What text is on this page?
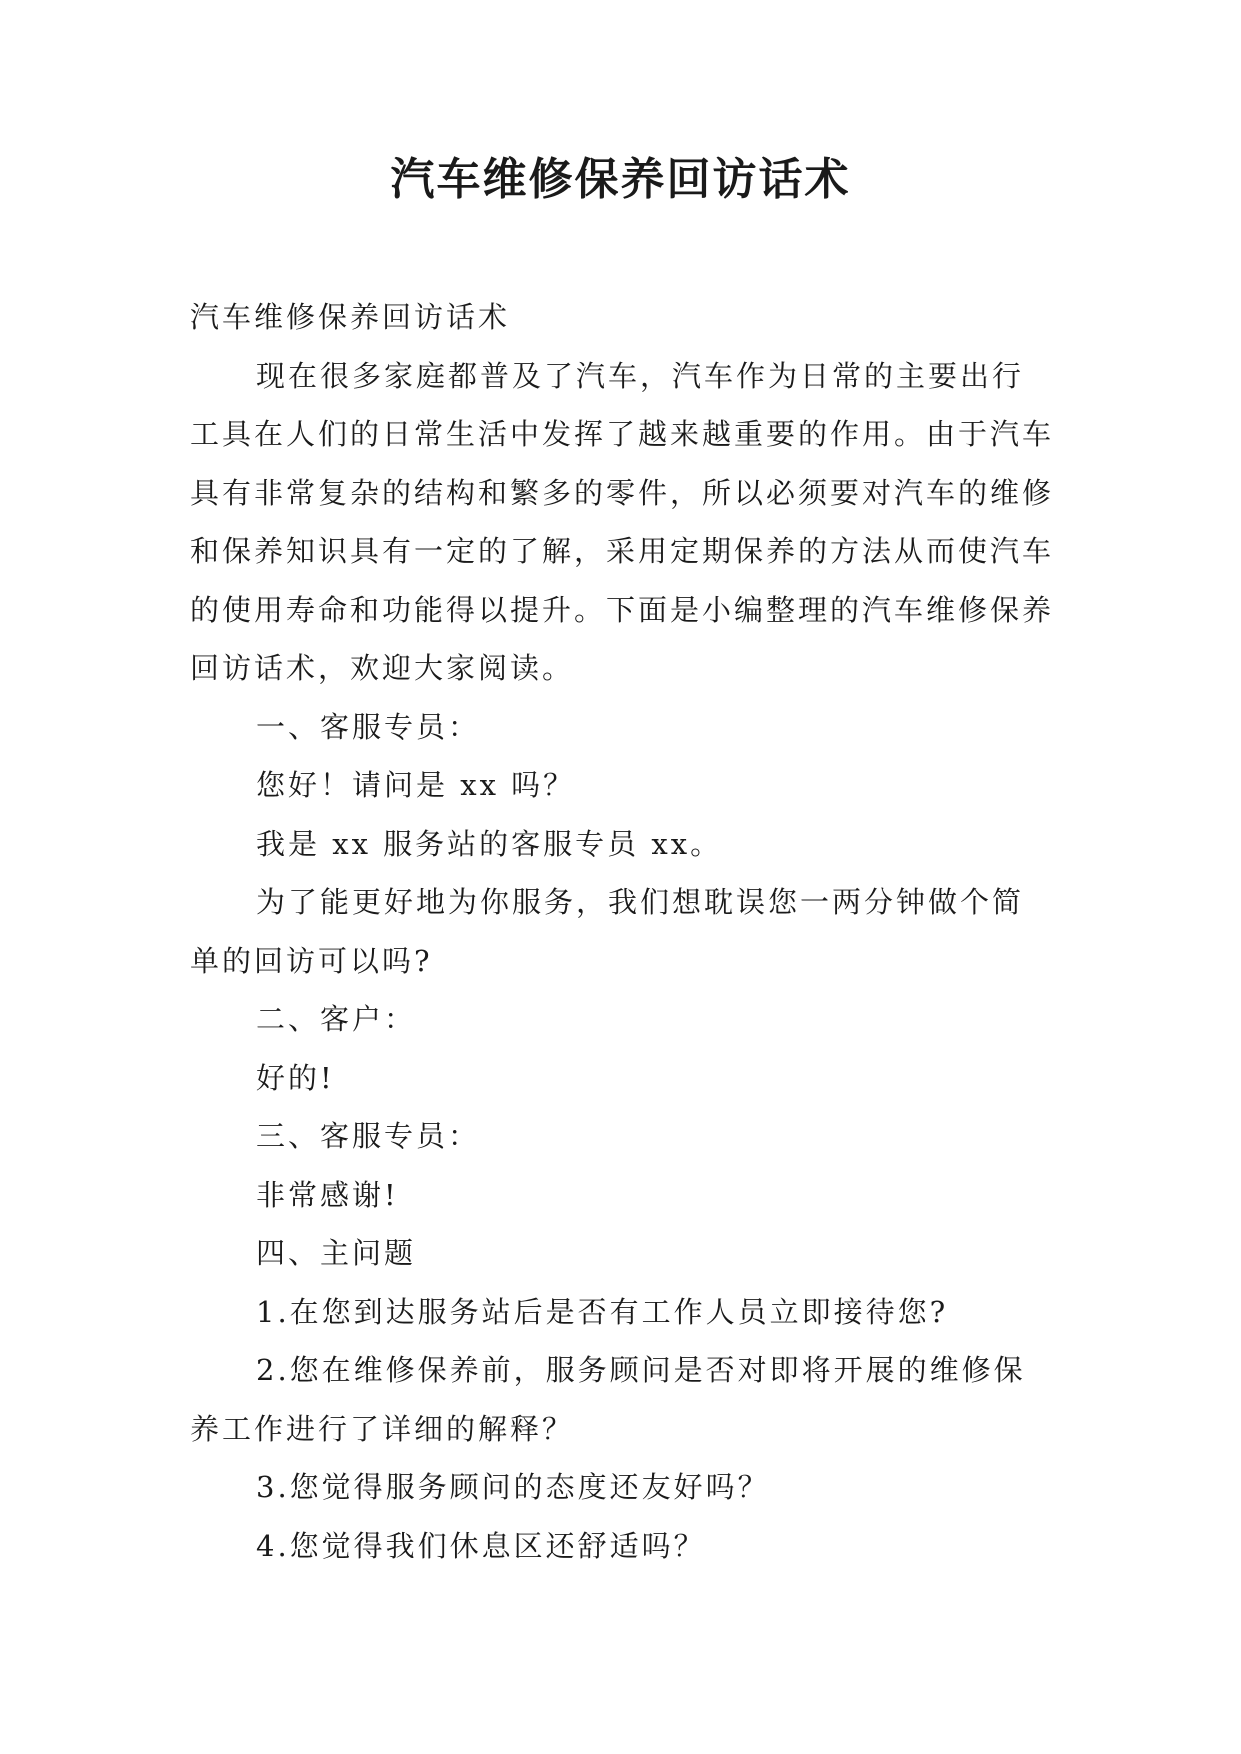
汽车维修保养回访话术

汽车维修保养回访话术

现在很多家庭都普及了汽车，汽车作为日常的主要出行工具在人们的日常生活中发挥了越来越重要的作用。由于汽车具有非常复杂的结构和繁多的零件，所以必须要对汽车的维修和保养知识具有一定的了解，采用定期保养的方法从而使汽车的使用寿命和功能得以提升。下面是小编整理的汽车维修保养回访话术，欢迎大家阅读。

一、客服专员：

您好！请问是 xx 吗？

我是 xx 服务站的客服专员 xx。

为了能更好地为你服务，我们想耽误您一两分钟做个简单的回访可以吗?

二、客户：

好的!

三、客服专员：

非常感谢!

四、主问题

1.在您到达服务站后是否有工作人员立即接待您?

2.您在维修保养前，服务顾问是否对即将开展的维修保养工作进行了详细的解释？

3.您觉得服务顾问的态度还友好吗？

4.您觉得我们休息区还舒适吗？
